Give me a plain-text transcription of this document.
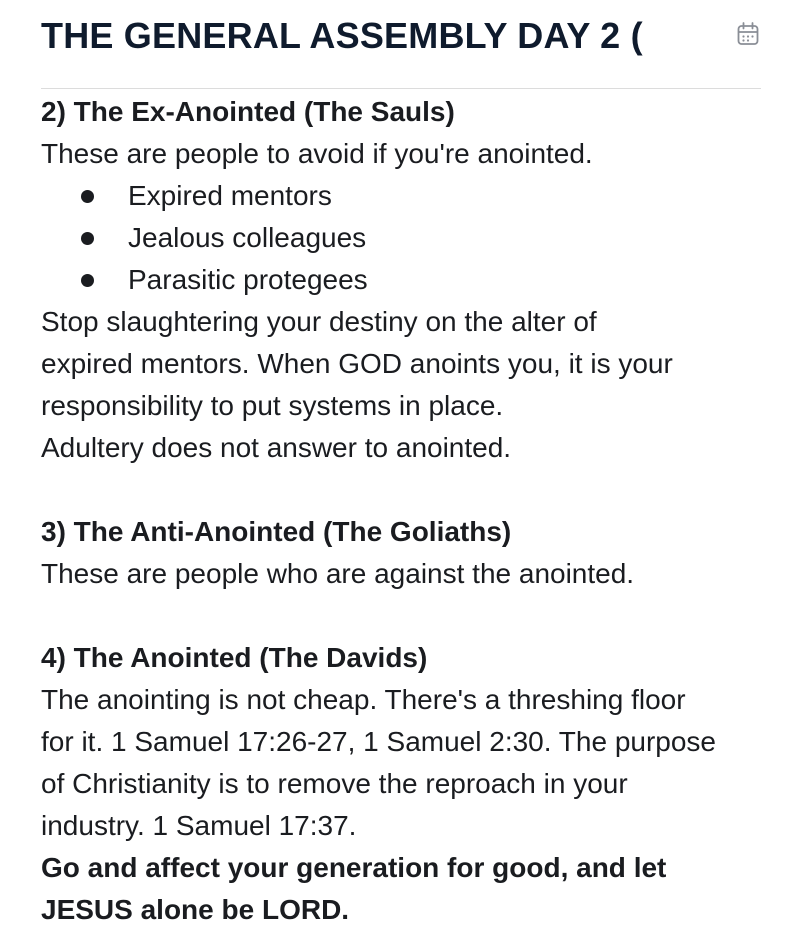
THE GENERAL ASSEMBLY DAY 2 (

2) The Ex-Anointed (The Sauls)

These are people to avoid if you're anointed.

Expired mentors
Jealous colleagues
Parasitic protegees

Stop slaughtering your destiny on the alter of

expired mentors. When GOD anoints you, it is your

responsibility to put systems in place.

Adultery does not answer to anointed.

3) The Anti-Anointed (The Goliaths)

These are people who are against the anointed.

4) The Anointed (The Davids)

The anointing is not cheap. There's a threshing floor

for it. 1 Samuel 17:26-27, 1 Samuel 2:30. The purpose

of Christianity is to remove the reproach in your

industry. 1 Samuel 17:37.

Go and affect your generation for good, and let

JESUS alone be LORD.
